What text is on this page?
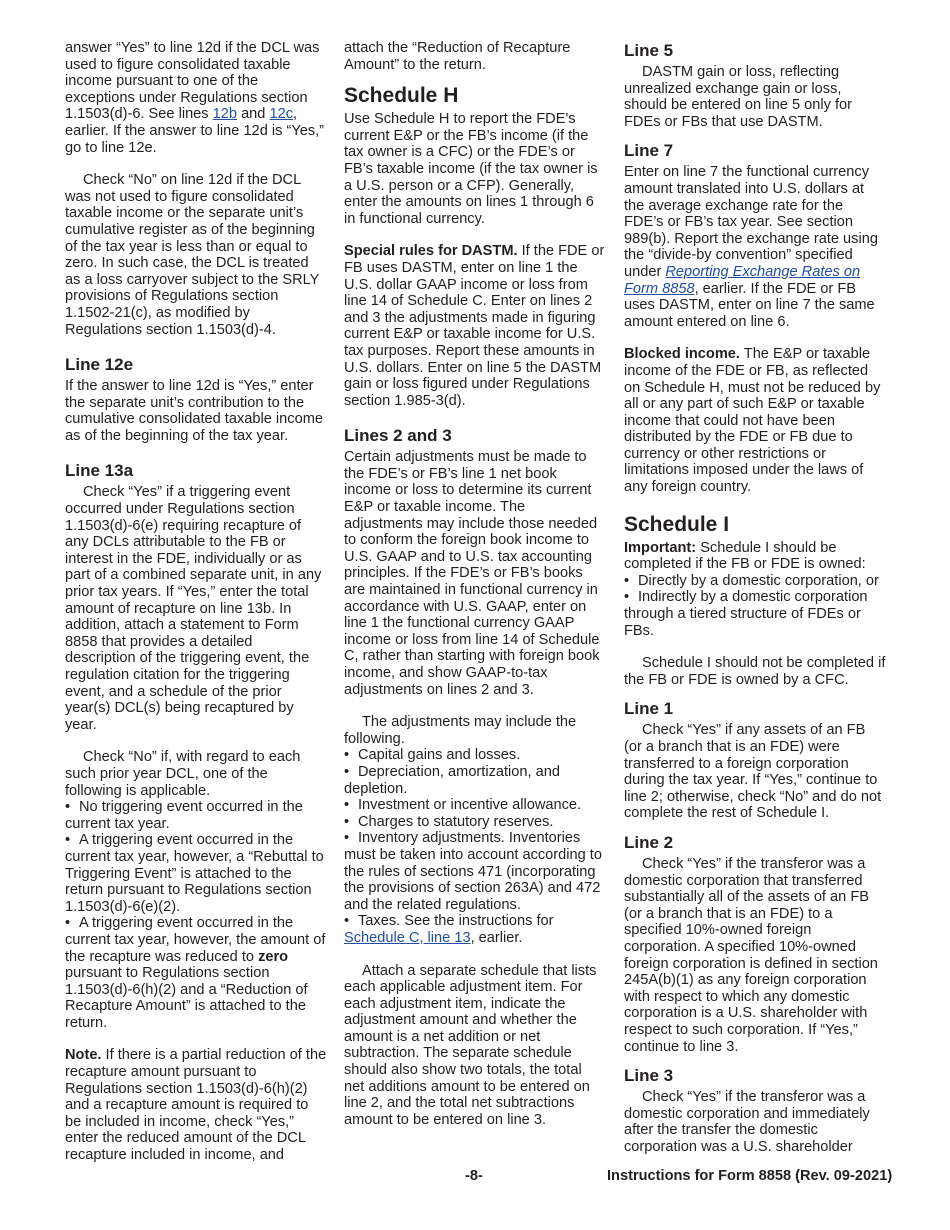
answer “Yes” to line 12d if the DCL was used to figure consolidated taxable income pursuant to one of the exceptions under Regulations section 1.1503(d)-6. See lines 12b and 12c, earlier. If the answer to line 12d is “Yes,” go to line 12e.

Check “No” on line 12d if the DCL was not used to figure consolidated taxable income or the separate unit’s cumulative register as of the beginning of the tax year is less than or equal to zero. In such case, the DCL is treated as a loss carryover subject to the SRLY provisions of Regulations section 1.1502-21(c), as modified by Regulations section 1.1503(d)-4.

Line 12e

If the answer to line 12d is “Yes,” enter the separate unit’s contribution to the cumulative consolidated taxable income as of the beginning of the tax year.

Line 13a

Check “Yes” if a triggering event occurred under Regulations section 1.1503(d)-6(e) requiring recapture of any DCLs attributable to the FB or interest in the FDE, individually or as part of a combined separate unit, in any prior tax years. If “Yes,” enter the total amount of recapture on line 13b. In addition, attach a statement to Form 8858 that provides a detailed description of the triggering event, the regulation citation for the triggering event, and a schedule of the prior year(s) DCL(s) being recaptured by year.

Check “No” if, with regard to each such prior year DCL, one of the following is applicable.

• No triggering event occurred in the current tax year.
• A triggering event occurred in the current tax year, however, a “Rebuttal to Triggering Event” is attached to the return pursuant to Regulations section 1.1503(d)-6(e)(2).
• A triggering event occurred in the current tax year, however, the amount of the recapture was reduced to zero pursuant to Regulations section 1.1503(d)-6(h)(2) and a “Reduction of Recapture Amount” is attached to the return.

Note. If there is a partial reduction of the recapture amount pursuant to Regulations section 1.1503(d)-6(h)(2) and a recapture amount is required to be included in income, check “Yes,” enter the reduced amount of the DCL recapture included in income, and

attach the “Reduction of Recapture Amount” to the return.

Schedule H

Use Schedule H to report the FDE's current E&P or the FB’s income (if the tax owner is a CFC) or the FDE’s or FB’s taxable income (if the tax owner is a U.S. person or a CFP). Generally, enter the amounts on lines 1 through 6 in functional currency.

Special rules for DASTM. If the FDE or FB uses DASTM, enter on line 1 the U.S. dollar GAAP income or loss from line 14 of Schedule C. Enter on lines 2 and 3 the adjustments made in figuring current E&P or taxable income for U.S. tax purposes. Report these amounts in U.S. dollars. Enter on line 5 the DASTM gain or loss figured under Regulations section 1.985-3(d).

Lines 2 and 3

Certain adjustments must be made to the FDE’s or FB’s line 1 net book income or loss to determine its current E&P or taxable income. The adjustments may include those needed to conform the foreign book income to U.S. GAAP and to U.S. tax accounting principles. If the FDE’s or FB’s books are maintained in functional currency in accordance with U.S. GAAP, enter on line 1 the functional currency GAAP income or loss from line 14 of Schedule C, rather than starting with foreign book income, and show GAAP-to-tax adjustments on lines 2 and 3.

The adjustments may include the following.

• Capital gains and losses.
• Depreciation, amortization, and depletion.
• Investment or incentive allowance.
• Charges to statutory reserves.
• Inventory adjustments. Inventories must be taken into account according to the rules of sections 471 (incorporating the provisions of section 263A) and 472 and the related regulations.
• Taxes. See the instructions for Schedule C, line 13, earlier.

Attach a separate schedule that lists each applicable adjustment item. For each adjustment item, indicate the adjustment amount and whether the amount is a net addition or net subtraction. The separate schedule should also show two totals, the total net additions amount to be entered on line 2, and the total net subtractions amount to be entered on line 3.

Line 5

DASTM gain or loss, reflecting unrealized exchange gain or loss, should be entered on line 5 only for FDEs or FBs that use DASTM.

Line 7

Enter on line 7 the functional currency amount translated into U.S. dollars at the average exchange rate for the FDE’s or FB’s tax year. See section 989(b). Report the exchange rate using the “divide-by convention” specified under Reporting Exchange Rates on Form 8858, earlier. If the FDE or FB uses DASTM, enter on line 7 the same amount entered on line 6.

Blocked income. The E&P or taxable income of the FDE or FB, as reflected on Schedule H, must not be reduced by all or any part of such E&P or taxable income that could not have been distributed by the FDE or FB due to currency or other restrictions or limitations imposed under the laws of any foreign country.

Schedule I

Important: Schedule I should be completed if the FB or FDE is owned:

• Directly by a domestic corporation, or
• Indirectly by a domestic corporation through a tiered structure of FDEs or FBs.

Schedule I should not be completed if the FB or FDE is owned by a CFC.

Line 1

Check “Yes” if any assets of an FB (or a branch that is an FDE) were transferred to a foreign corporation during the tax year. If “Yes,” continue to line 2; otherwise, check “No” and do not complete the rest of Schedule I.

Line 2

Check “Yes” if the transferor was a domestic corporation that transferred substantially all of the assets of an FB (or a branch that is an FDE) to a specified 10%-owned foreign corporation. A specified 10%-owned foreign corporation is defined in section 245A(b)(1) as any foreign corporation with respect to which any domestic corporation is a U.S. shareholder with respect to such corporation. If “Yes,” continue to line 3.

Line 3

Check “Yes” if the transferor was a domestic corporation and immediately after the transfer the domestic corporation was a U.S. shareholder

-8-	Instructions for Form 8858 (Rev. 09-2021)
